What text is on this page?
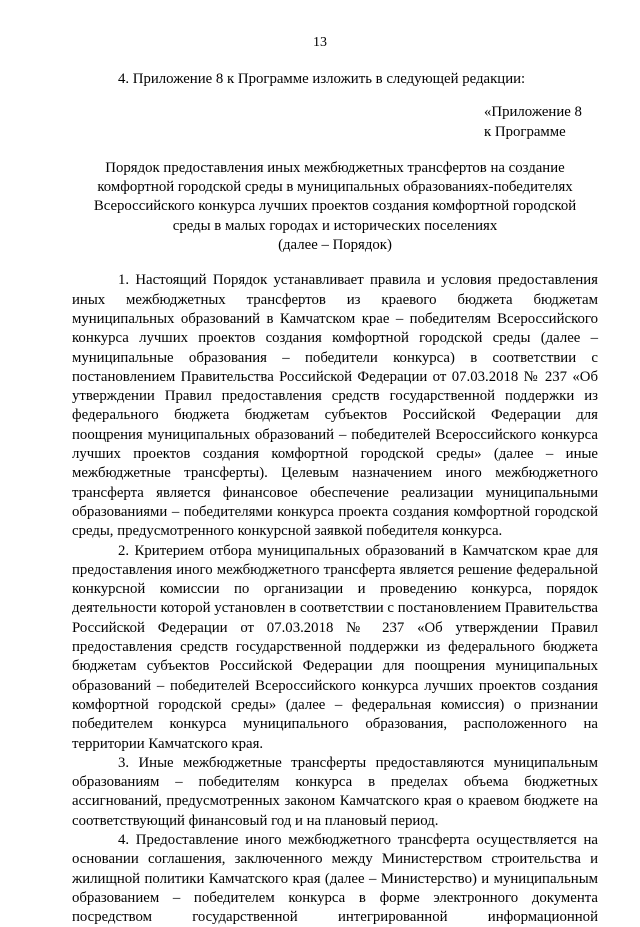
13

4. Приложение 8 к Программе изложить в следующей редакции:

«Приложение 8
к Программе
Порядок предоставления иных межбюджетных трансфертов на создание
комфортной городской среды в муниципальных образованиях-победителях
Всероссийского конкурса лучших проектов создания комфортной городской
среды в малых городах и исторических поселениях
(далее – Порядок)

1. Настоящий Порядок устанавливает правила и условия предоставления иных межбюджетных трансфертов из краевого бюджета бюджетам муниципальных образований в Камчатском крае – победителям Всероссийского конкурса лучших проектов создания комфортной городской среды (далее – муниципальные образования – победители конкурса) в соответствии с постановлением Правительства Российской Федерации от 07.03.2018 № 237 «Об утверждении Правил предоставления средств государственной поддержки из федерального бюджета бюджетам субъектов Российской Федерации для поощрения муниципальных образований – победителей Всероссийского конкурса лучших проектов создания комфортной городской среды» (далее – иные межбюджетные трансферты). Целевым назначением иного межбюджетного трансферта является финансовое обеспечение реализации муниципальными образованиями – победителями конкурса проекта создания комфортной городской среды, предусмотренного конкурсной заявкой победителя конкурса.

2. Критерием отбора муниципальных образований в Камчатском крае для предоставления иного межбюджетного трансферта является решение федеральной конкурсной комиссии по организации и проведению конкурса, порядок деятельности которой установлен в соответствии с постановлением Правительства Российской Федерации от 07.03.2018 № 237 «Об утверждении Правил предоставления средств государственной поддержки из федерального бюджета бюджетам субъектов Российской Федерации для поощрения муниципальных образований – победителей Всероссийского конкурса лучших проектов создания комфортной городской среды» (далее – федеральная комиссия) о признании победителем конкурса муниципального образования, расположенного на территории Камчатского края.

3. Иные межбюджетные трансферты предоставляются муниципальным образованиям – победителям конкурса в пределах объема бюджетных ассигнований, предусмотренных законом Камчатского края о краевом бюджете на соответствующий финансовый год и на плановый период.

4. Предоставление иного межбюджетного трансферта осуществляется на основании соглашения, заключенного между Министерством строительства и жилищной политики Камчатского края (далее – Министерство) и муниципальным образованием – победителем конкурса в форме электронного документа посредством государственной интегрированной информационной
